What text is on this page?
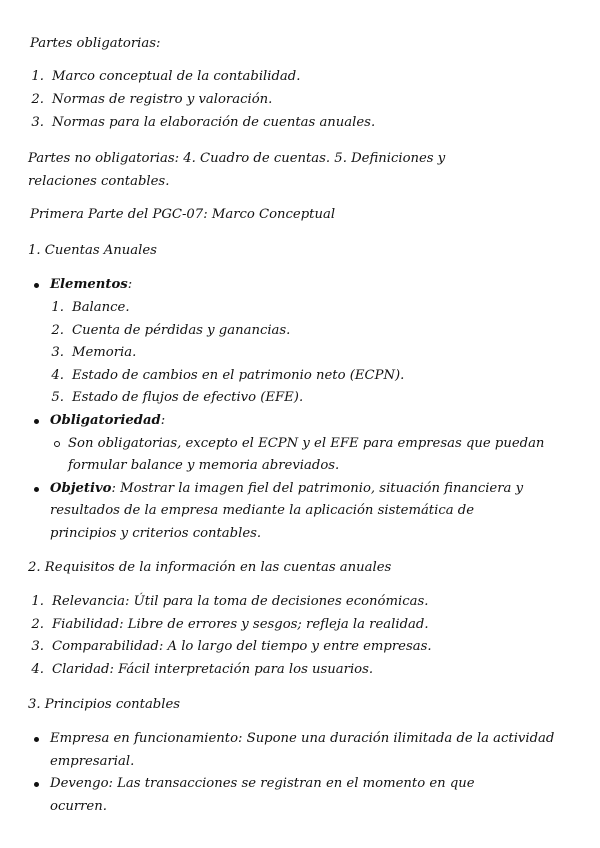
Partes obligatorias:

1. Marco conceptual de la contabilidad.
2. Normas de registro y valoración.
3. Normas para la elaboración de cuentas anuales.

Partes no obligatorias: 4. Cuadro de cuentas. 5. Definiciones y relaciones contables.

Primera Parte del PGC-07: Marco Conceptual

1. Cuentas Anuales

Elementos:
1. Balance.
2. Cuenta de pérdidas y ganancias.
3. Memoria.
4. Estado de cambios en el patrimonio neto (ECPN).
5. Estado de flujos de efectivo (EFE).
Obligatoriedad:
Son obligatorias, excepto el ECPN y el EFE para empresas que puedan formular balance y memoria abreviados.
Objetivo: Mostrar la imagen fiel del patrimonio, situación financiera y resultados de la empresa mediante la aplicación sistemática de principios y criterios contables.

2. Requisitos de la información en las cuentas anuales

1. Relevancia: Útil para la toma de decisiones económicas.
2. Fiabilidad: Libre de errores y sesgos; refleja la realidad.
3. Comparabilidad: A lo largo del tiempo y entre empresas.
4. Claridad: Fácil interpretación para los usuarios.

3. Principios contables

Empresa en funcionamiento: Supone una duración ilimitada de la actividad empresarial.
Devengo: Las transacciones se registran en el momento en que ocurren.
